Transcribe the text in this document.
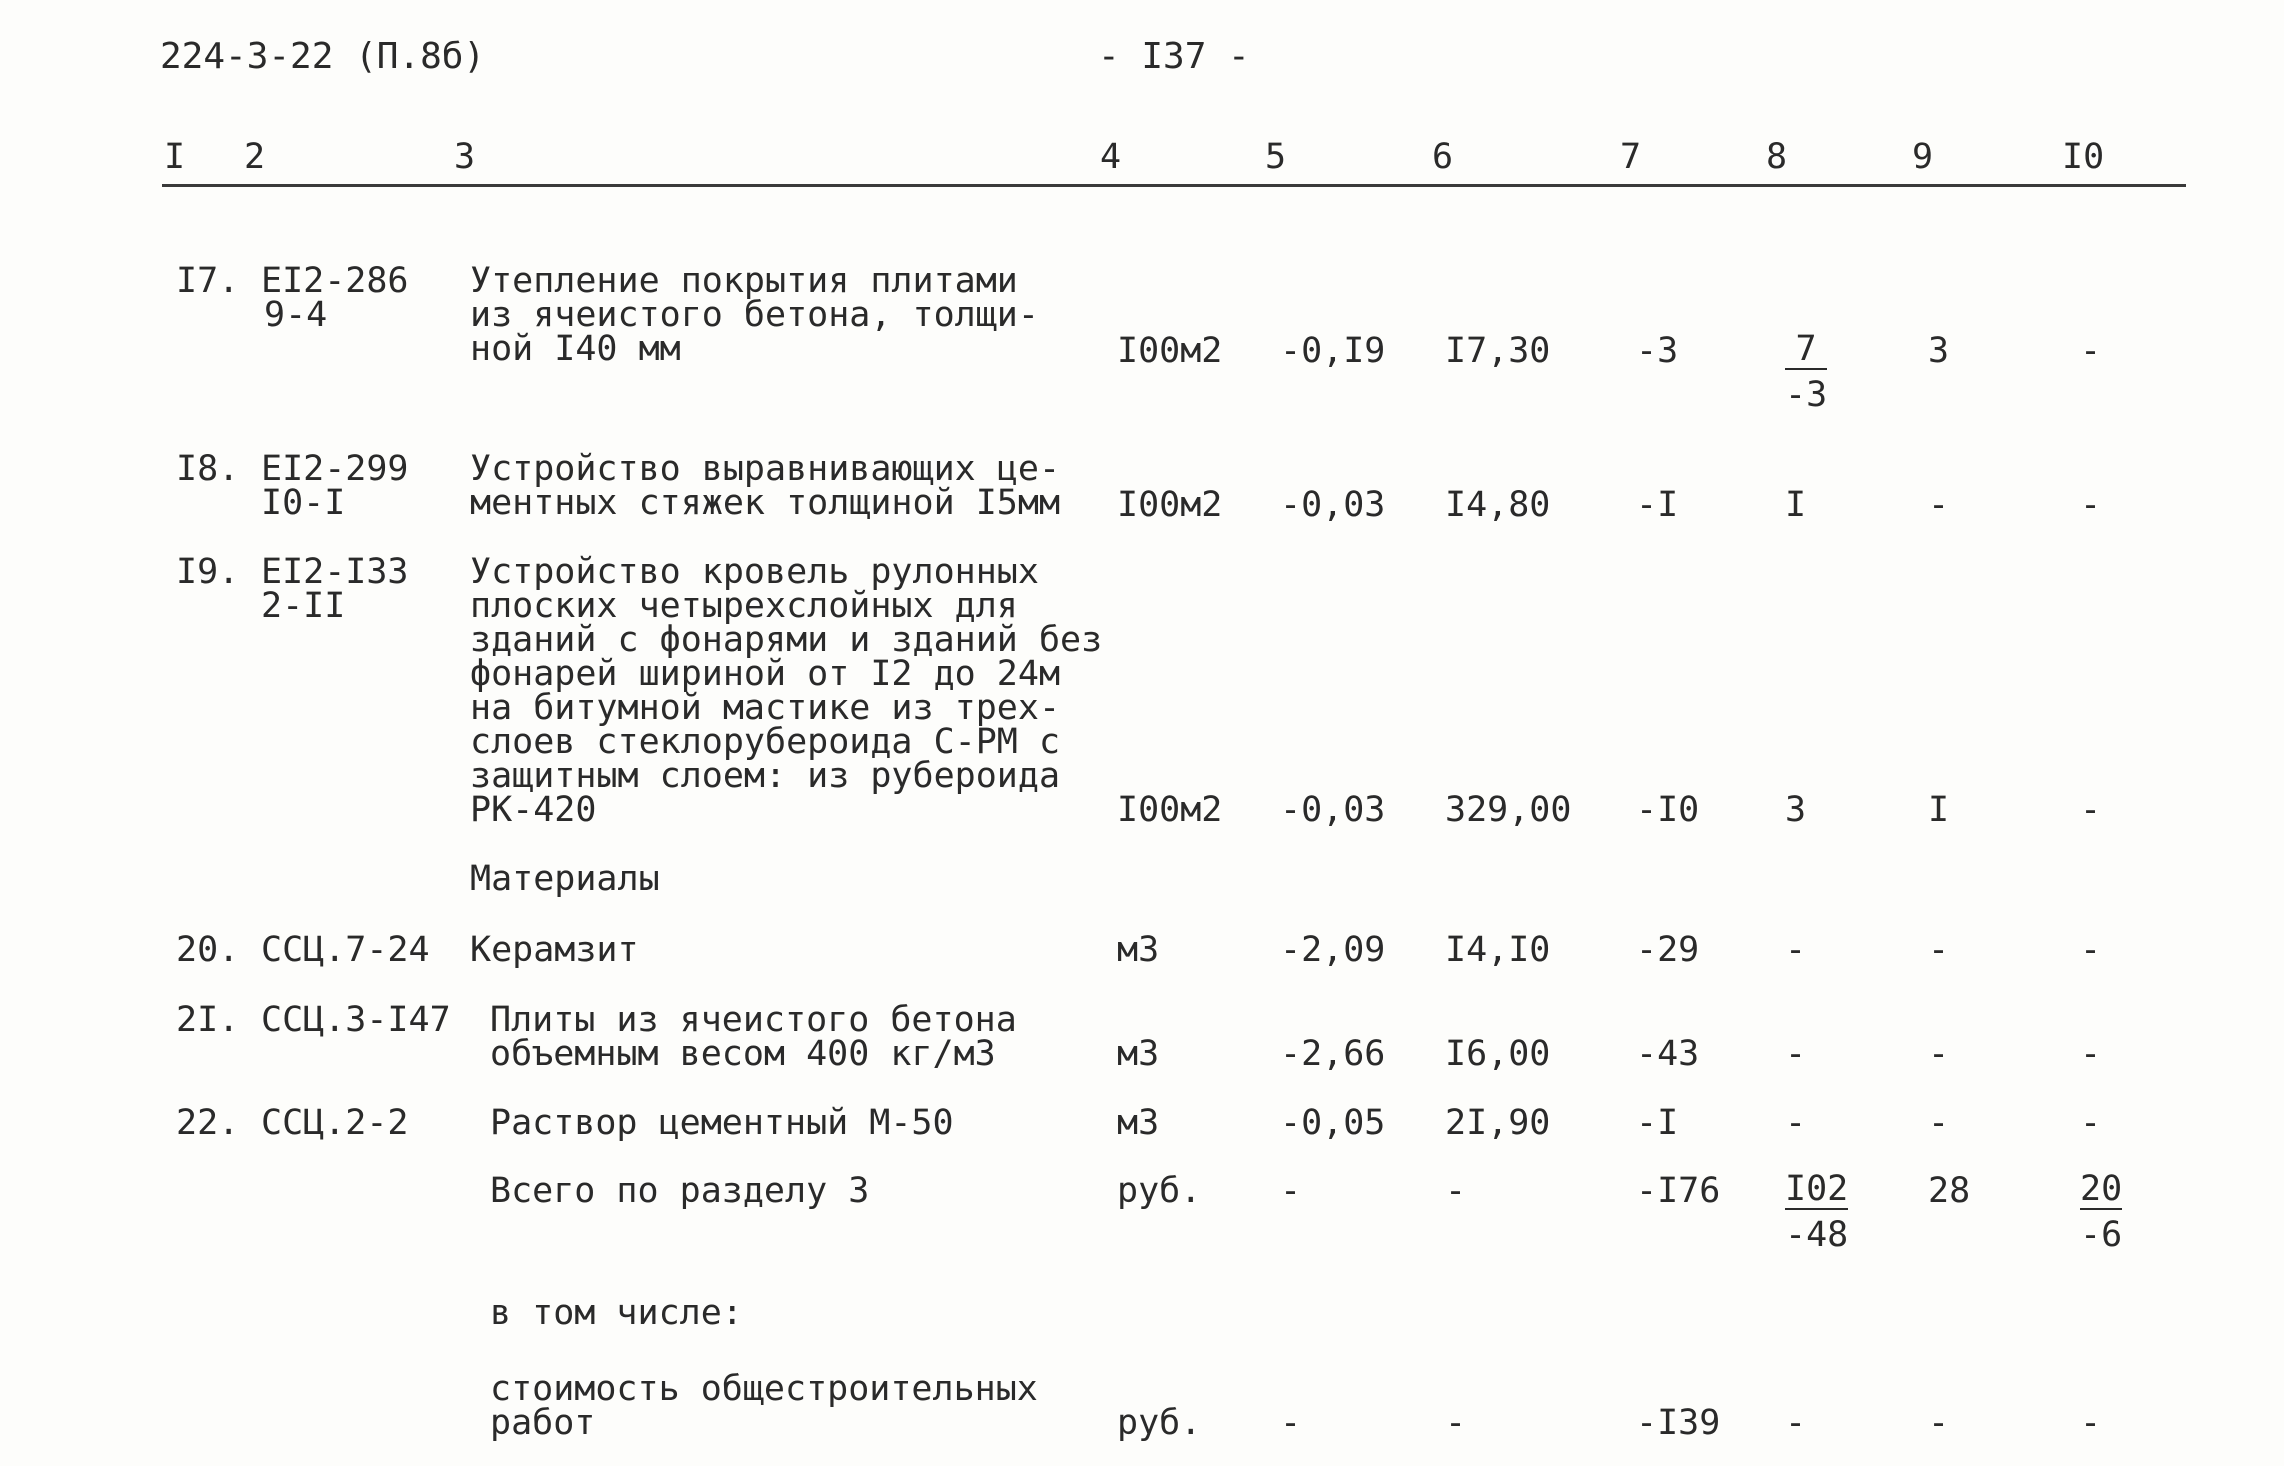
224-3-22 (П.8б)	- I37 -
I 2	3	4	5	6	7	8	9	I0
I7. ЕI2-286
9-4
Утепление покрытия плитами
из ячеистого бетона, толщи-
ной I40 мм	I00м2 -0,I9 I7,30 -3	$\frac{7}{-3}$	3	-
I8. ЕI2-299
I0-I
Устройство выравнивающих це-
ментных стяжек толщиной I5мм I00м2 -0,03 I4,80 -I	I	-	-
I9. ЕI2-I33
2-II
Устройство кровель рулонных
плоских четырехслойных для
зданий с фонарями и зданий без
фонарей шириной от I2 до 24м
на битумной мастике из трех-
слоев стеклорубероида С-РМ с
защитным слоем: из рубероида
РК-420	I00м2 -0,03 329,00 -I0 3	I	-
Материалы
20. ССЦ.7-24 Керамзит	м3	-2,09 I4,I0 -29 -	-	-
2I. ССЦ.3-I47 Плиты из ячеистого бетона
объемным весом 400 кг/м3	м3	-2,66 I6,00 -43 -	-	-
22. ССЦ.2-2 Раствор цементный М-50	м3	-0,05 2I,90 -I	-	-	-
Всего по разделу 3	руб. -	-	$-I76 \frac{I02}{-48} 28$	$\frac{20}{-6}$
в том числе:
стоимость общестроительных
работ	руб. -	-	-I39 -	-	-
